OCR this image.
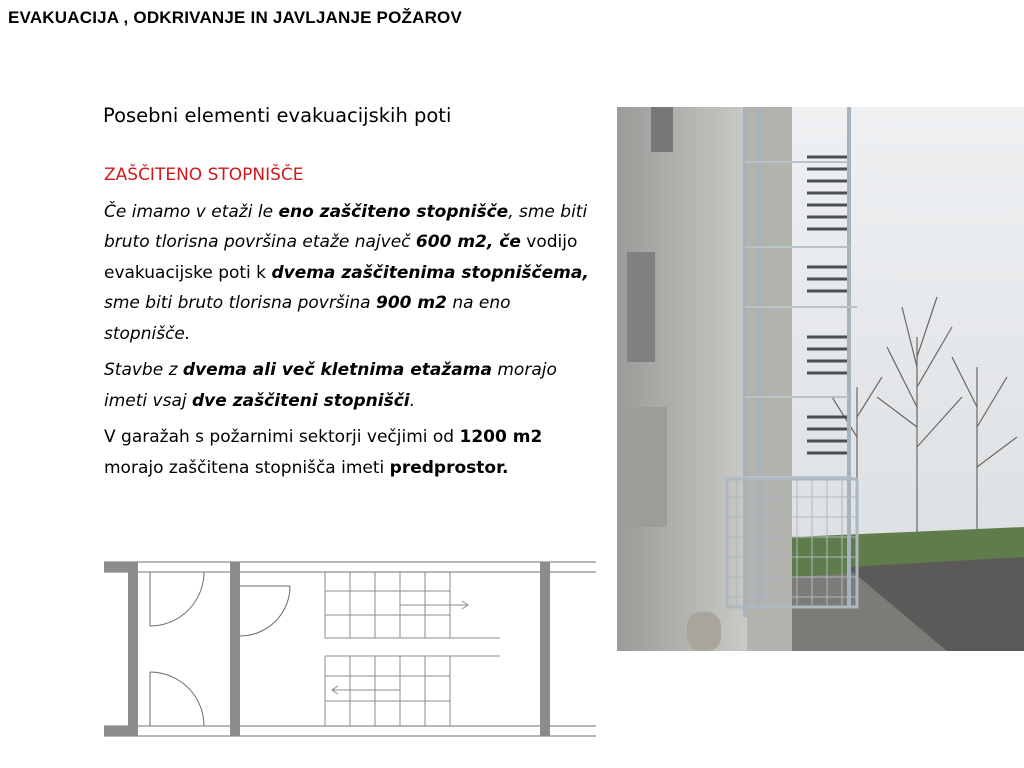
EVAKUACIJA , ODKRIVANJE IN JAVLJANJE POŽAROV
Posebni elementi evakuacijskih poti

ZAŠČITENO STOPNIŠČE

Če imamo v etaži le eno zaščiteno stopnišče, sme biti bruto tlorisna površina etaže največ 600 m2, če vodijo evakuacijske poti k dvema zaščitenima stopniščema, sme biti bruto tlorisna površina 900 m2 na eno stopnišče.

Stavbe z dvema ali več kletnima etažama morajo imeti vsaj dve zaščiteni stopnišči.

V garažah s požarnimi sektorji večjimi od 1200 m2 morajo zaščitena stopnišča imeti predprostor.
